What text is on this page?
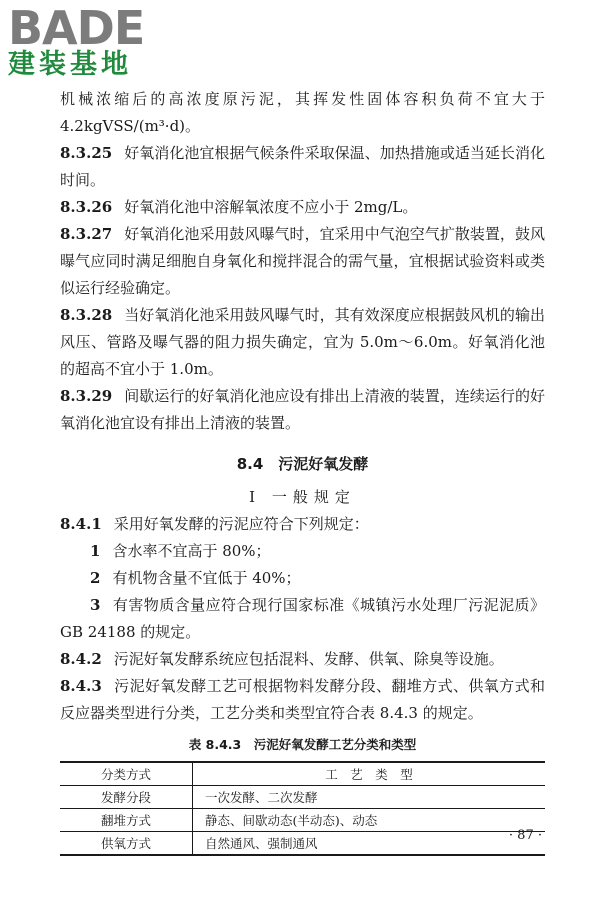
BADE
建装基地

机械浓缩后的高浓度原污泥，其挥发性固体容积负荷不宜大于4.2kgVSS/(m³·d)。

8.3.25 好氧消化池宜根据气候条件采取保温、加热措施或适当延长消化时间。

8.3.26 好氧消化池中溶解氧浓度不应小于 2mg/L。

8.3.27 好氧消化池采用鼓风曝气时，宜采用中气泡空气扩散装置，鼓风曝气应同时满足细胞自身氧化和搅拌混合的需气量，宜根据试验资料或类似运行经验确定。

8.3.28 当好氧消化池采用鼓风曝气时，其有效深度应根据鼓风机的输出风压、管路及曝气器的阻力损失确定，宜为 5.0m～6.0m。好氧消化池的超高不宜小于 1.0m。

8.3.29 间歇运行的好氧消化池应设有排出上清液的装置，连续运行的好氧消化池宜设有排出上清液的装置。

8.4　污泥好氧发酵
Ⅰ 一般规定

8.4.1 采用好氧发酵的污泥应符合下列规定：

1 含水率不宜高于 80%；

2 有机物含量不宜低于 40%；

3 有害物质含量应符合现行国家标准《城镇污水处理厂污泥泥质》GB 24188 的规定。

8.4.2 污泥好氧发酵系统应包括混料、发酵、供氧、除臭等设施。

8.4.3 污泥好氧发酵工艺可根据物料发酵分段、翻堆方式、供氧方式和反应器类型进行分类，工艺分类和类型宜符合表 8.4.3 的规定。

表 8.4.3　污泥好氧发酵工艺分类和类型
分类方式	工　艺　类　型
发酵分段	一次发酵、二次发酵
翻堆方式	静态、间歇动态(半动态)、动态
供氧方式	自然通风、强制通风
· 87 ·
